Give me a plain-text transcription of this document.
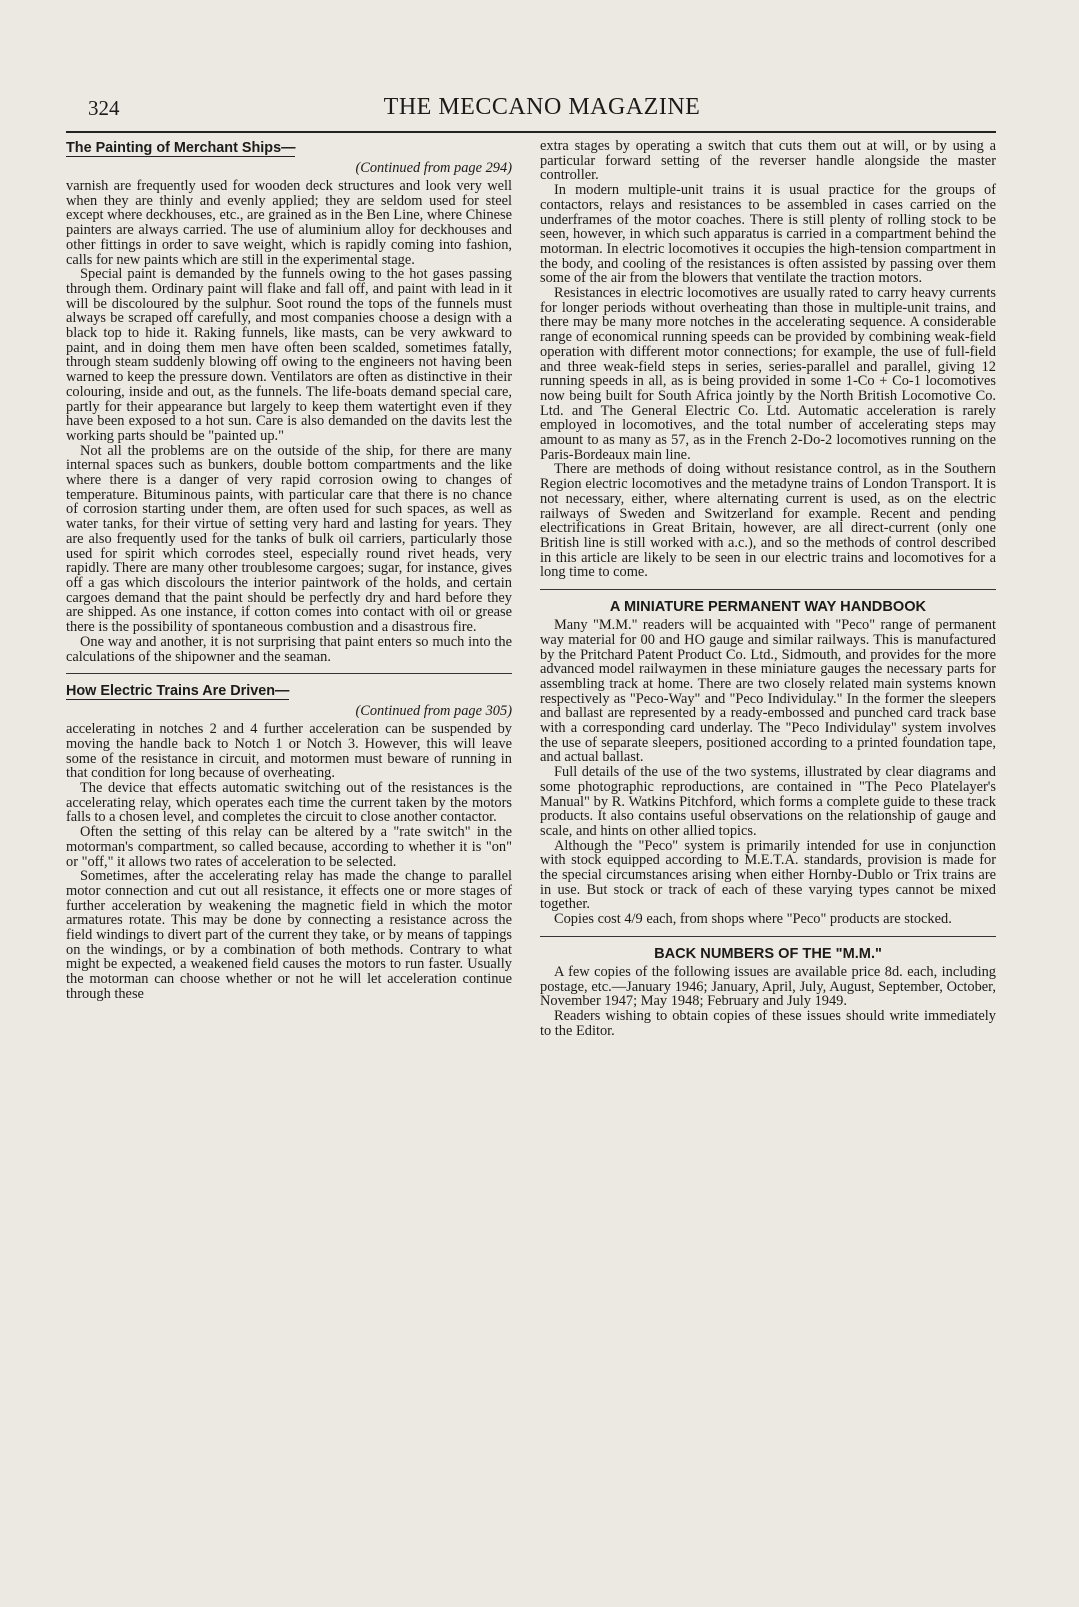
324	THE MECCANO MAGAZINE
The Painting of Merchant Ships—
(Continued from page 294)

varnish are frequently used for wooden deck structures and look very well when they are thinly and evenly applied; they are seldom used for steel except where deckhouses, etc., are grained as in the Ben Line, where Chinese painters are always carried. The use of aluminium alloy for deckhouses and other fittings in order to save weight, which is rapidly coming into fashion, calls for new paints which are still in the experimental stage.

Special paint is demanded by the funnels owing to the hot gases passing through them. Ordinary paint will flake and fall off, and paint with lead in it will be discoloured by the sulphur. Soot round the tops of the funnels must always be scraped off carefully, and most companies choose a design with a black top to hide it. Raking funnels, like masts, can be very awkward to paint, and in doing them men have often been scalded, sometimes fatally, through steam suddenly blowing off owing to the engineers not having been warned to keep the pressure down. Ventilators are often as distinctive in their colouring, inside and out, as the funnels. The life-boats demand special care, partly for their appearance but largely to keep them watertight even if they have been exposed to a hot sun. Care is also demanded on the davits lest the working parts should be "painted up."

Not all the problems are on the outside of the ship, for there are many internal spaces such as bunkers, double bottom compartments and the like where there is a danger of very rapid corrosion owing to changes of temperature. Bituminous paints, with particular care that there is no chance of corrosion starting under them, are often used for such spaces, as well as water tanks, for their virtue of setting very hard and lasting for years. They are also frequently used for the tanks of bulk oil carriers, particularly those used for spirit which corrodes steel, especially round rivet heads, very rapidly. There are many other troublesome cargoes; sugar, for instance, gives off a gas which discolours the interior paintwork of the holds, and certain cargoes demand that the paint should be perfectly dry and hard before they are shipped. As one instance, if cotton comes into contact with oil or grease there is the possibility of spontaneous combustion and a disastrous fire.

One way and another, it is not surprising that paint enters so much into the calculations of the shipowner and the seaman.

How Electric Trains Are Driven—
(Continued from page 305)

accelerating in notches 2 and 4 further acceleration can be suspended by moving the handle back to Notch 1 or Notch 3. However, this will leave some of the resistance in circuit, and motormen must beware of running in that condition for long because of overheating.

The device that effects automatic switching out of the resistances is the accelerating relay, which operates each time the current taken by the motors falls to a chosen level, and completes the circuit to close another contactor.

Often the setting of this relay can be altered by a "rate switch" in the motorman's compartment, so called because, according to whether it is "on" or "off," it allows two rates of acceleration to be selected.

Sometimes, after the accelerating relay has made the change to parallel motor connection and cut out all resistance, it effects one or more stages of further acceleration by weakening the magnetic field in which the motor armatures rotate. This may be done by connecting a resistance across the field windings to divert part of the current they take, or by means of tappings on the windings, or by a combination of both methods. Contrary to what might be expected, a weakened field causes the motors to run faster. Usually the motorman can choose whether or not he will let acceleration continue through these

extra stages by operating a switch that cuts them out at will, or by using a particular forward setting of the reverser handle alongside the master controller.

In modern multiple-unit trains it is usual practice for the groups of contactors, relays and resistances to be assembled in cases carried on the underframes of the motor coaches. There is still plenty of rolling stock to be seen, however, in which such apparatus is carried in a compartment behind the motorman. In electric locomotives it occupies the high-tension compartment in the body, and cooling of the resistances is often assisted by passing over them some of the air from the blowers that ventilate the traction motors.

Resistances in electric locomotives are usually rated to carry heavy currents for longer periods without overheating than those in multiple-unit trains, and there may be many more notches in the accelerating sequence. A considerable range of economical running speeds can be provided by combining weak-field operation with different motor connections; for example, the use of full-field and three weak-field steps in series, series-parallel and parallel, giving 12 running speeds in all, as is being provided in some 1-Co + Co-1 locomotives now being built for South Africa jointly by the North British Locomotive Co. Ltd. and The General Electric Co. Ltd. Automatic acceleration is rarely employed in locomotives, and the total number of accelerating steps may amount to as many as 57, as in the French 2-Do-2 locomotives running on the Paris-Bordeaux main line.

There are methods of doing without resistance control, as in the Southern Region electric locomotives and the metadyne trains of London Transport. It is not necessary, either, where alternating current is used, as on the electric railways of Sweden and Switzerland for example. Recent and pending electrifications in Great Britain, however, are all direct-current (only one British line is still worked with a.c.), and so the methods of control described in this article are likely to be seen in our electric trains and locomotives for a long time to come.

A MINIATURE PERMANENT WAY HANDBOOK

Many "M.M." readers will be acquainted with "Peco" range of permanent way material for 00 and HO gauge and similar railways. This is manufactured by the Pritchard Patent Product Co. Ltd., Sidmouth, and provides for the more advanced model railwaymen in these miniature gauges the necessary parts for assembling track at home. There are two closely related main systems known respectively as "Peco-Way" and "Peco Individulay." In the former the sleepers and ballast are represented by a ready-embossed and punched card track base with a corresponding card underlay. The "Peco Individulay" system involves the use of separate sleepers, positioned according to a printed foundation tape, and actual ballast.

Full details of the use of the two systems, illustrated by clear diagrams and some photographic reproductions, are contained in "The Peco Platelayer's Manual" by R. Watkins Pitchford, which forms a complete guide to these track products. It also contains useful observations on the relationship of gauge and scale, and hints on other allied topics.

Although the "Peco" system is primarily intended for use in conjunction with stock equipped according to M.E.T.A. standards, provision is made for the special circumstances arising when either Hornby-Dublo or Trix trains are in use. But stock or track of each of these varying types cannot be mixed together.

Copies cost 4/9 each, from shops where "Peco" products are stocked.

BACK NUMBERS OF THE "M.M."

A few copies of the following issues are available price 8d. each, including postage, etc.—January 1946; January, April, July, August, September, October, November 1947; May 1948; February and July 1949.

Readers wishing to obtain copies of these issues should write immediately to the Editor.
